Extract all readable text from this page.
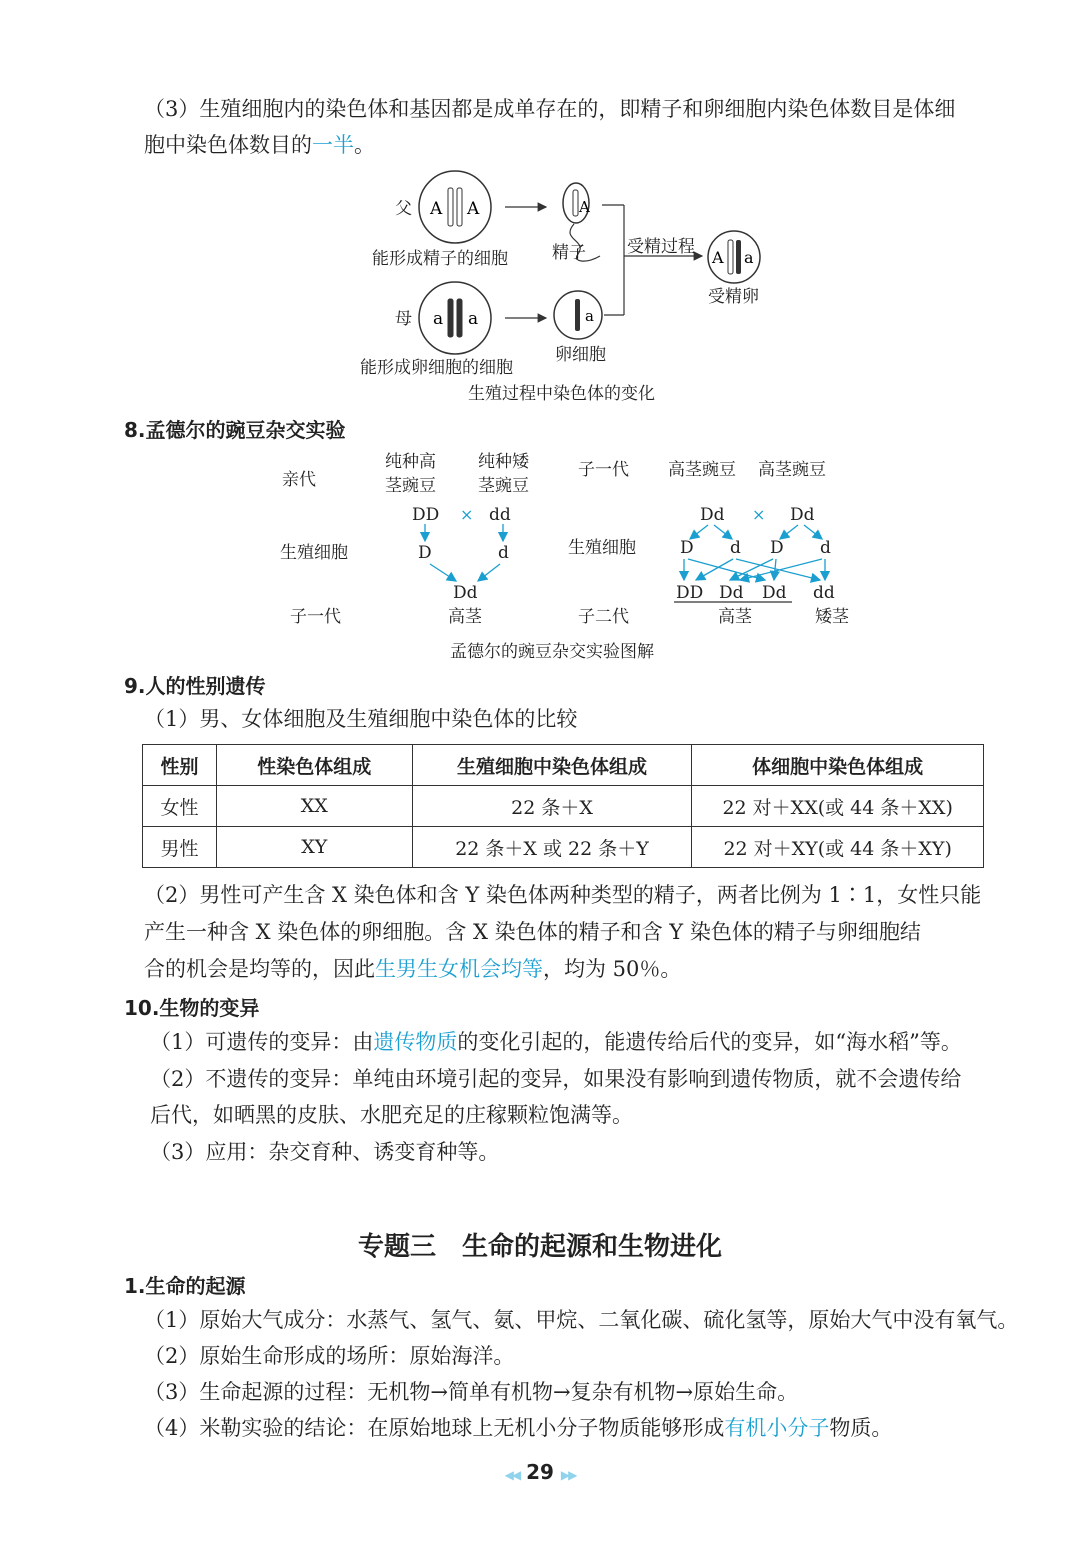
（3）生殖细胞内的染色体和基因都是成单存在的，即精子和卵细胞内染色体数目是体细
胞中染色体数目的一半。
A A	A
a a	a
A a
父
能形成精子的细胞	精子 受精过程
受精卵
母
卵细胞
能形成卵细胞的细胞
生殖过程中染色体的变化
8.孟德尔的豌豆杂交实验
亲代
纯种高
茎豌豆
纯种矮
茎豌豆
生殖细胞
子一代
子一代 高茎豌豆 高茎豌豆
生殖细胞
子二代
高茎	高茎	矮茎
DD	dd
D	d
Dd
Dd	Dd
D d D d
DD Dd Dd dd
×	×
孟德尔的豌豆杂交实验图解
9.人的性别遗传
（1）男、女体细胞及生殖细胞中染色体的比较
性别	性染色体组成	生殖细胞中染色体组成	体细胞中染色体组成
女性	XX	22 条＋X	22 对＋XX(或 44 条＋XX)
男性	XY	22 条＋X 或 22 条＋Y	22 对＋XY(或 44 条＋XY)
（2）男性可产生含 X 染色体和含 Y 染色体两种类型的精子，两者比例为 1∶1，女性只能
产生一种含 X 染色体的卵细胞。含 X 染色体的精子和含 Y 染色体的精子与卵细胞结
合的机会是均等的，因此生男生女机会均等，均为 50％。
10.生物的变异
（1）可遗传的变异：由遗传物质的变化引起的，能遗传给后代的变异，如“海水稻”等。
（2）不遗传的变异：单纯由环境引起的变异，如果没有影响到遗传物质，就不会遗传给
后代，如晒黑的皮肤、水肥充足的庄稼颗粒饱满等。
（3）应用：杂交育种、诱变育种等。
专题三　生命的起源和生物进化
1.生命的起源
（1）原始大气成分：水蒸气、氢气、氨、甲烷、二氧化碳、硫化氢等，原始大气中没有氧气。
（2）原始生命形成的场所：原始海洋。
（3）生命起源的过程：无机物→简单有机物→复杂有机物→原始生命。
（4）米勒实验的结论：在原始地球上无机小分子物质能够形成有机小分子物质。
◀◀ 29 ▶▶
